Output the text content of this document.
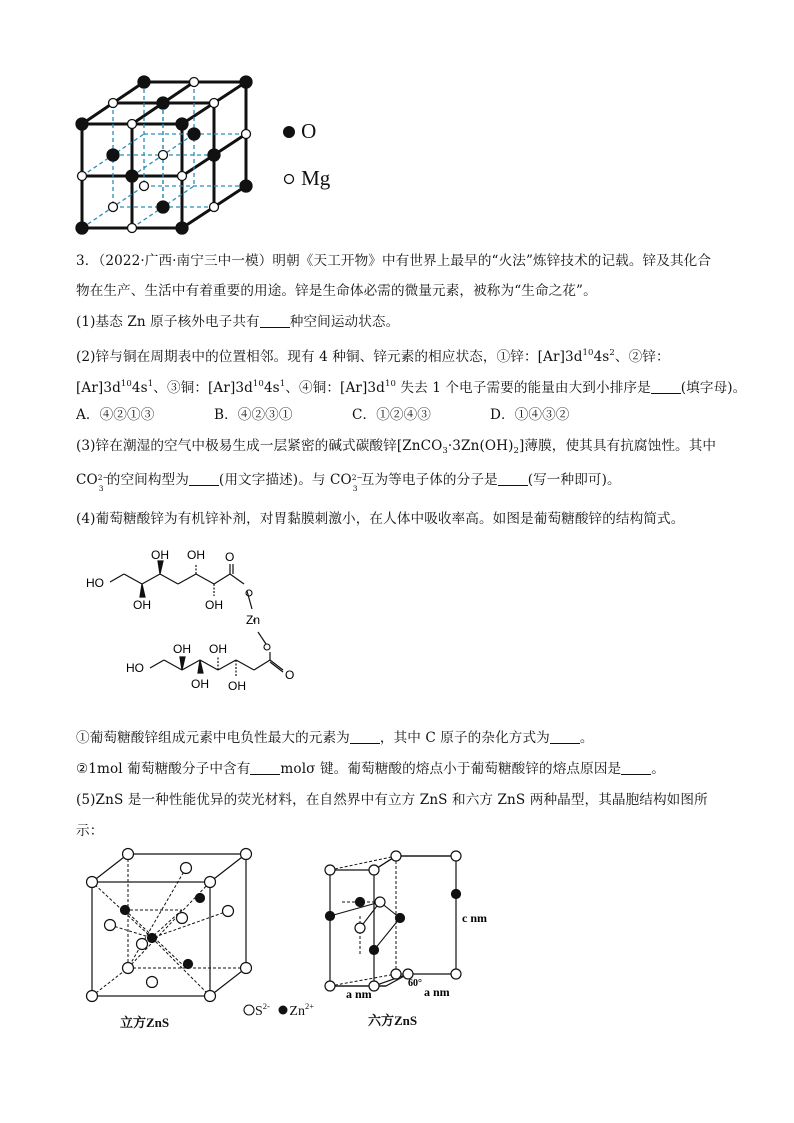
O
Mg
3．（2022·广西·南宁三中一模）明朝《天工开物》中有世界上最早的“火法”炼锌技术的记载。锌及其化合
物在生产、生活中有着重要的用途。锌是生命体必需的微量元素，被称为“生命之花”。
(1)基态 Zn 原子核外电子共有 种空间运动状态。
(2)锌与铜在周期表中的位置相邻。现有 4 种铜、锌元素的相应状态，①锌：$[Ar]3d^{10}4s^2$、②锌：
$[Ar]3d^{10}4s^1$、③铜：$[Ar]3d^{10}4s^1$、④铜：$[Ar]3d^{10}$ 失去 1 个电子需要的能量由大到小排序是 (填字母)。
A．④②①③	B．④②③①	C．①②④③	D．①④③②
(3)锌在潮湿的空气中极易生成一层紧密的碱式碳酸锌$[ZnCO_3\cdot 3Zn(OH)_2]$薄膜，使其具有抗腐蚀性。其中
CO 2−
3
的空间构型为 (用文字描述)。与 CO 2−
3
互为等电子体的分子是 (写一种即可)。
(4)葡萄糖酸锌为有机锌补剂，对胃黏膜刺激小，在人体中吸收率高。如图是葡萄糖酸锌的结构简式。
HO
OH OH O
OH	OH
Zn
HO
OH OH
OH OH
O
①葡萄糖酸锌组成元素中电负性最大的元素为 ，其中 C 原子的杂化方式为 。
②1mol 葡萄糖酸分子中含有 molσ 键。葡萄糖酸的熔点小于葡萄糖酸锌的熔点原因是 。
(5)ZnS 是一种性能优异的荧光材料，在自然界中有立方 ZnS 和六方 ZnS 两种晶型，其晶胞结构如图所
示：
c nm
a nm	a nm
60°
$S^{2-}$ $Zn^{2+}$
立方ZnS	六方ZnS
